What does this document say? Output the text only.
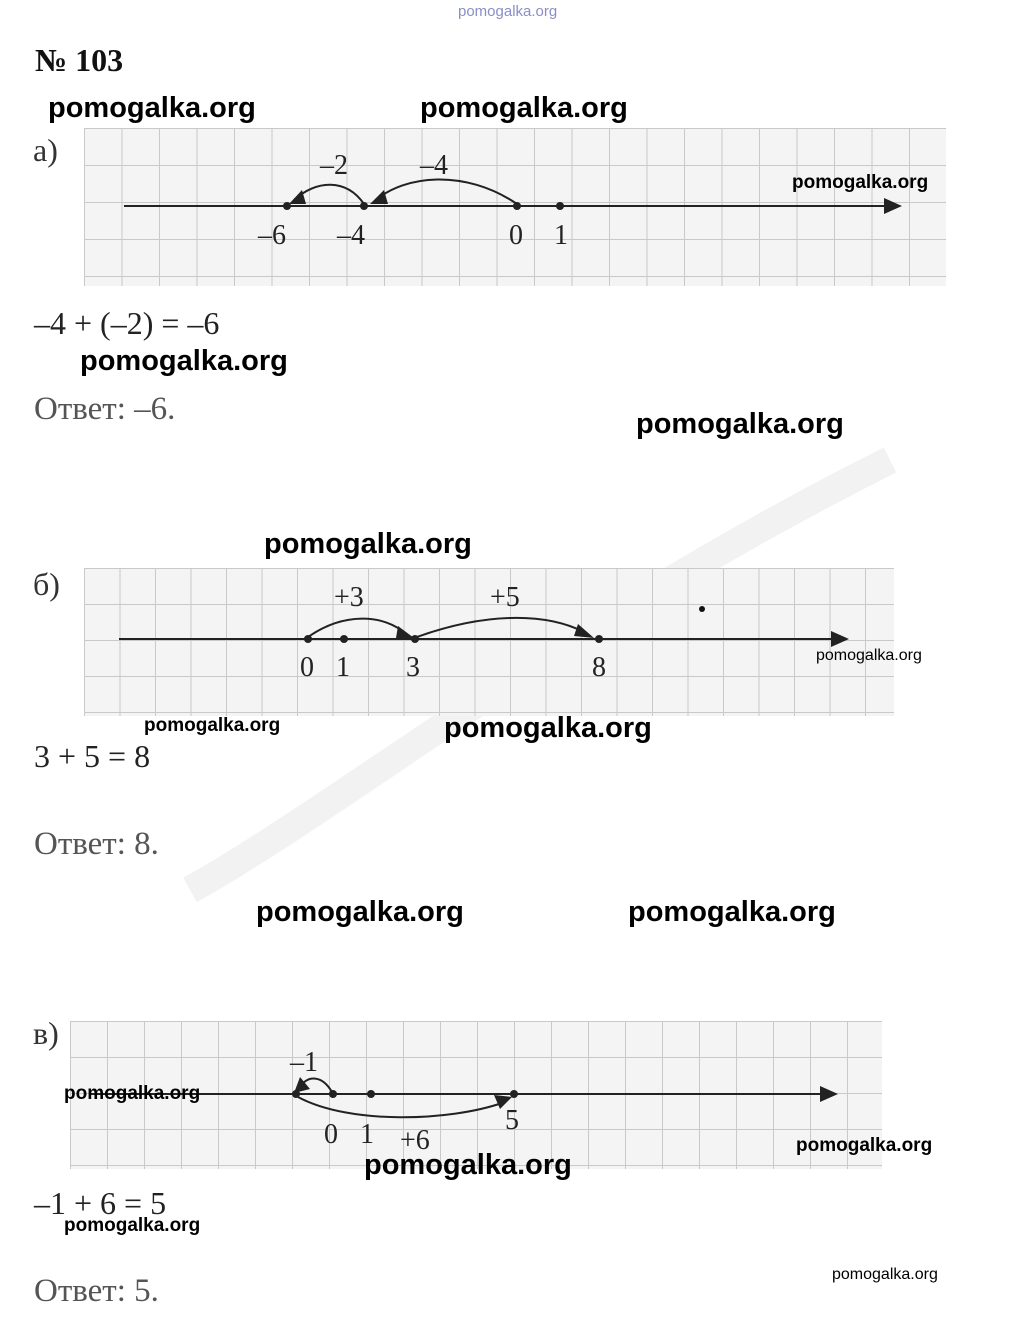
pomogalka.org
№ 103
pomogalka.org	pomogalka.org
а)	–2	–4
–6 –4	0 1
pomogalka.org
–4 + (–2) = –6
pomogalka.org
Ответ: –6.	pomogalka.org
pomogalka.org
б)	+3	+5
0 1 3	8	pomogalka.org
pomogalka.org	pomogalka.org
3 + 5 = 8
Ответ: 8.
pomogalka.org	pomogalka.org
в)
–1
0 1	5
+6
pomogalka.org
pomogalka.org
pomogalka.org
–1 + 6 = 5
pomogalka.org
pomogalka.org
Ответ: 5.
